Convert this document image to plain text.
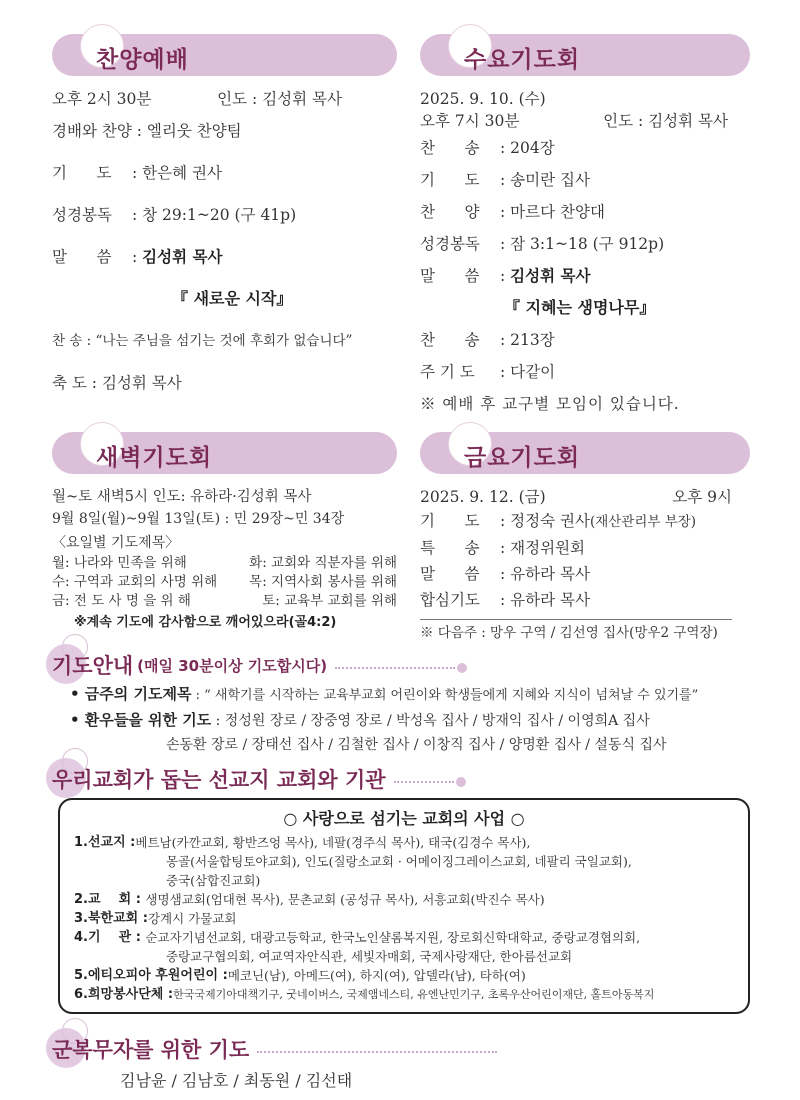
찬양예배
오후 2시 30분	인도 : 김성휘 목사
경배와 찬양 : 엘리웃 찬양팀
기      도 : 한은혜 권사
성경봉독 : 창 29:1~20 (구 41p)
말      씀 : 김성휘 목사
『 새로운 시작』
찬 송 : “나는 주님을 섬기는 것에 후회가 없습니다”
축 도 : 김성휘 목사
수요기도회
2025. 9. 10. (수)
오후 7시 30분	인도 : 김성휘 목사
찬      송 : 204장
기      도 : 송미란 집사
찬      양 : 마르다 찬양대
성경봉독 : 잠 3:1~18 (구 912p)
말      씀 : 김성휘 목사
『 지혜는 생명나무』
찬      송 : 213장
주 기 도 : 다같이
※ 예배 후 교구별 모임이 있습니다.
새벽기도회
월~토 새벽5시 인도: 유하라·김성휘 목사
9월 8일(월)~9월 13일(토) : 민 29장~민 34장
〈요일별 기도제목〉
월: 나라와 민족을 위해	화: 교회와 직분자를 위해
수: 구역과 교회의 사명 위해 목: 지역사회 봉사를 위해
금: 전 도 사 명 을 위 해	토: 교육부 교회를 위해
※계속 기도에 감사함으로 깨어있으라(골4:2)
금요기도회
2025. 9. 12. (금)	오후 9시
기      도 : 정정숙 권사(재산관리부 부장)
특      송 : 재정위원회
말      씀 : 유하라 목사
합심기도 : 유하라 목사
※ 다음주 : 망우 구역 / 김선영 집사(망우2 구역장)
기도안내 (매일 30분이상 기도합시다)
• 금주의 기도제목 : “ 새학기를 시작하는 교육부교회 어린이와 학생들에게 지혜와 지식이 넘쳐날 수 있기를”
• 환우들을 위한 기도 : 정성원 장로 / 장중영 장로 / 박성옥 집사 / 방재익 집사 / 이영희A 집사
손동환 장로 / 장태선 집사 / 김철한 집사 / 이창직 집사 / 양명환 집사 / 설동식 집사
우리교회가 돕는 선교지 교회와 기관
○ 사랑으로 섬기는 교회의 사업 ○
1.선교지 : 베트남(카깐교회, 황반즈엉 목사), 네팔(경주식 목사), 태국(김경수 목사),
몽골(서울합팅토야교회), 인도(질랑소교회 · 어메이징그레이스교회, 네팔리 국일교회),
중국(삼합진교회)
2.교    회 : 생명샘교회(엄대현 목사), 문촌교회 (공성규 목사), 서흥교회(박진수 목사)
3.북한교회 : 강계시 가물교회
4.기    관 : 순교자기념선교회, 대광고등학교, 한국노인샬롬복지원, 장로회신학대학교, 중랑교경협의회,
중랑교구협의회, 여교역자안식관, 세빛자매회, 국제사랑재단, 한아름선교회
5.에티오피아 후원어린이 : 메코닌(남), 아메드(여), 하지(여), 압델라(남), 타하(여)
6.희망봉사단체 : 한국국제기아대책기구, 굿네이버스, 국제앰네스티, 유엔난민기구, 초록우산어린이재단, 홀트아동복지
군복무자를 위한 기도
김남윤 / 김남호 / 최동원 / 김선태
